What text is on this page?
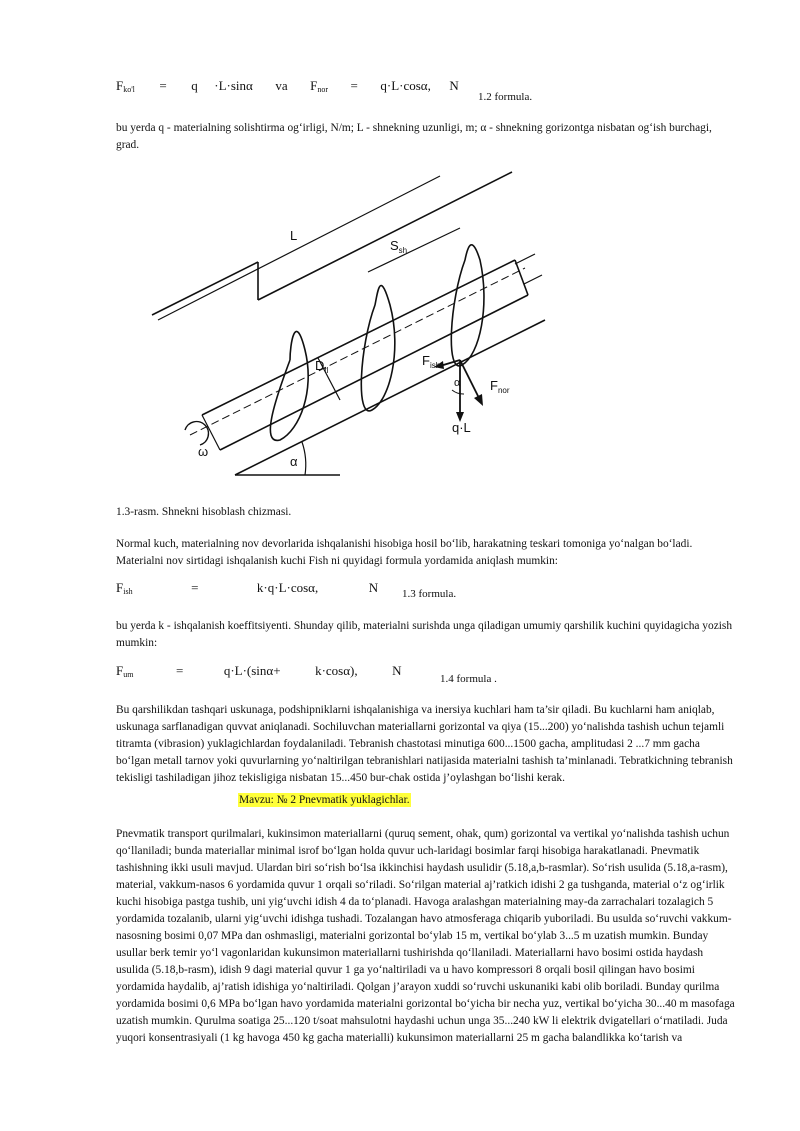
$F_{ko'l} = q \cdot L\cdot\sin\alpha$ va $F_{nor} = q\cdot L\cdot\cos\alpha$, N
1.2 formula.
bu yerda q - materialning solishtirma og‘irligi, N/m; L - shnekning uzunligi, m; α - shnekning gorizontga nisbatan og‘ish burchagi, grad.
L
$S_{sh}$
$D_{tl}$
$F_{ish}$
$F_{nor}$
α
q·L
α
ω
1.3-rasm. Shnekni hisoblash chizmasi.
Normal kuch, materialning nov devorlarida ishqalanishi hisobiga hosil bo‘lib, harakatning teskari tomoniga yo‘nalgan bo‘ladi. Materialni nov sirtidagi ishqalanish kuchi Fish ni quyidagi formula yordamida aniqlash mumkin:
$F_{ish}$	=	k·q·L·cosα,	N 1.3 formula.
bu yerda k - ishqalanish koeffitsiyenti. Shunday qilib, materialni surishda unga qiladigan umumiy qarshilik kuchini quyidagicha yozish mumkin:
$F_{um}$	=	q·L·(sinα+	k·cosα),	N
1.4 formula .
Bu qarshilikdan tashqari uskunaga, podshipniklarni ishqalanishiga va inersiya kuchlari ham ta’sir qiladi. Bu kuchlarni ham aniqlab, uskunaga sarflanadigan quvvat aniqlanadi. Sochiluvchan materiallarni gorizontal va qiya (15...200) yo‘nalishda tashish uchun tejamli titramta (vibrasion) yuklagichlardan foydalaniladi. Tebranish chastotasi minutiga 600...1500 gacha, amplitudasi 2 ...7 mm gacha bo‘lgan metall tarnov yoki quvurlarning yo‘naltirilgan tebranishlari natijasida materialni tashish ta’minlanadi. Tebratkichning tebranish tekisligi tashiladigan jihoz tekisligiga nisbatan 15...450 bur-chak ostida j’oylashgan bo‘lishi kerak.
Mavzu: № 2 Pnevmatik yuklagichlar.
Pnevmatik transport qurilmalari, kukinsimon materiallarni (quruq sement, ohak, qum) gorizontal va vertikal yo‘nalishda tashish uchun qo‘llaniladi; bunda materiallar minimal isrof bo‘lgan holda quvur uch-laridagi bosimlar farqi hisobiga harakatlanadi. Pnevmatik tashishning ikki usuli mavjud. Ulardan biri so‘rish bo‘lsa ikkinchisi haydash usulidir (5.18,a,b-rasmlar). So‘rish usulida (5.18,a-rasm), material, vakkum-nasos 6 yordamida quvur 1 orqali so‘riladi. So‘rilgan material aj’ratkich idishi 2 ga tushganda, material o‘z og‘irlik kuchi hisobiga pastga tushib, uni yig‘uvchi idish 4 da to‘planadi. Havoga aralashgan materialning may-da zarrachalari tozalagich 5 yordamida tozalanib, ularni yig‘uvchi idishga tushadi. Tozalangan havo atmosferaga chiqarib yuboriladi. Bu usulda so‘ruvchi vakkum-nasosning bosimi 0,07 MPa dan oshmasligi, materialni gorizontal bo‘ylab 15 m, vertikal bo‘ylab 3...5 m uzatish mumkin. Bunday usullar berk temir yo‘l vagonlaridan kukunsimon materiallarni tushirishda qo‘llaniladi. Materiallarni havo bosimi ostida haydash usulida (5.18,b-rasm), idish 9 dagi material quvur 1 ga yo‘naltiriladi va u havo kompressori 8 orqali bosil qilingan havo bosimi yordamida haydalib, aj’ratish idishiga yo‘naltiriladi. Qolgan j’arayon xuddi so‘ruvchi uskunaniki kabi olib boriladi. Bunday qurilma yordamida bosimi 0,6 MPa bo‘lgan havo yordamida materialni gorizontal bo‘yicha bir necha yuz, vertikal bo‘yicha 30...40 m masofaga uzatish mumkin. Qurulma soatiga 25...120 t/soat mahsulotni haydashi uchun unga 35...240 kW li elektrik dvigatellari o‘rnatiladi. Juda yuqori konsentrasiyali (1 kg havoga 450 kg gacha materialli) kukunsimon materiallarni 25 m gacha balandlikka ko‘tarish va
